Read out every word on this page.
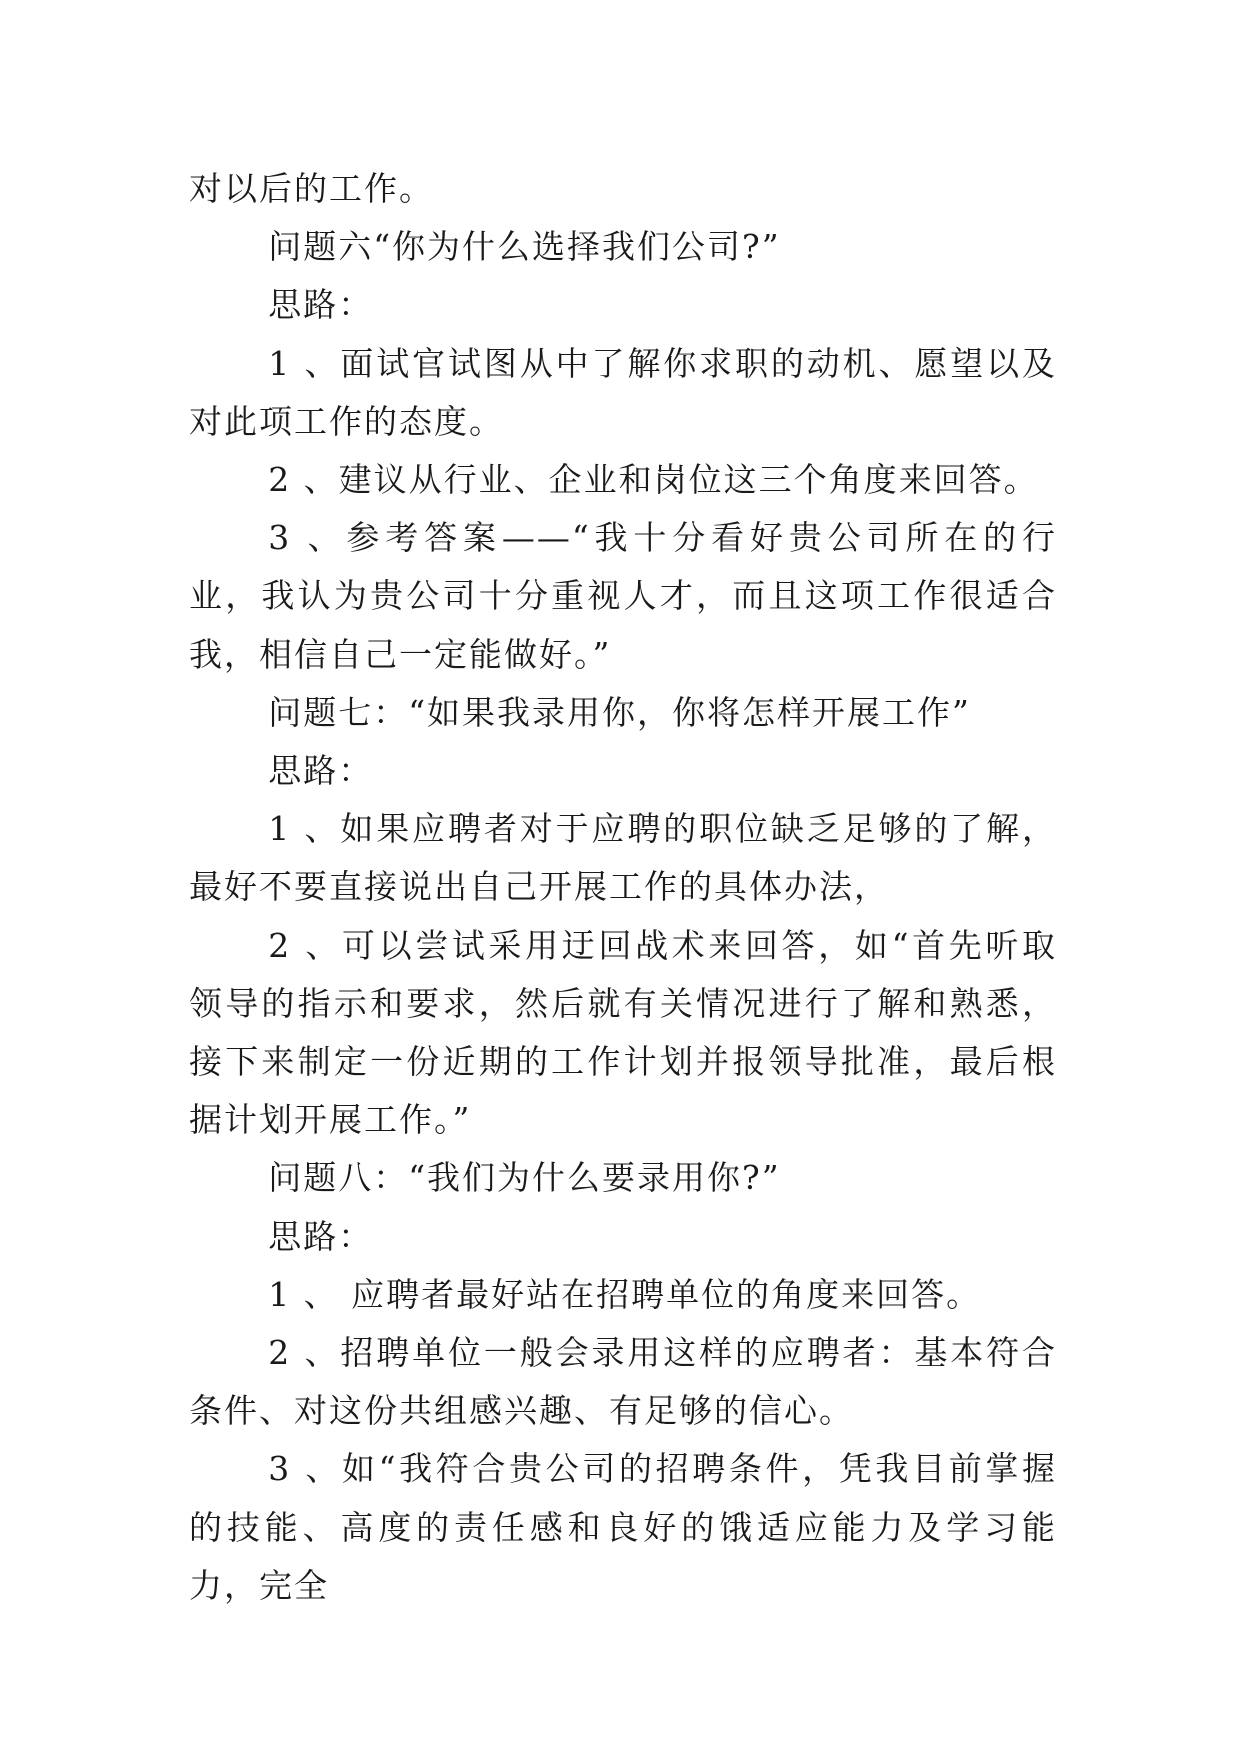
对以后的工作。

问题六“你为什么选择我们公司?”

思路：

1 、面试官试图从中了解你求职的动机、愿望以及对此项工作的态度。

2 、建议从行业、企业和岗位这三个角度来回答。

3 、参考答案——“我十分看好贵公司所在的行业，我认为贵公司十分重视人才，而且这项工作很适合我，相信自己一定能做好。”

问题七：“如果我录用你，你将怎样开展工作”

思路：

1 、如果应聘者对于应聘的职位缺乏足够的了解，最好不要直接说出自己开展工作的具体办法，

2 、可以尝试采用迂回战术来回答，如“首先听取领导的指示和要求，然后就有关情况进行了解和熟悉，接下来制定一份近期的工作计划并报领导批准，最后根据计划开展工作。”

问题八：“我们为什么要录用你?”

思路：

1 、 应聘者最好站在招聘单位的角度来回答。

2 、招聘单位一般会录用这样的应聘者：基本符合条件、对这份共组感兴趣、有足够的信心。

3 、如“我符合贵公司的招聘条件，凭我目前掌握的技能、高度的责任感和良好的饿适应能力及学习能力，完全
